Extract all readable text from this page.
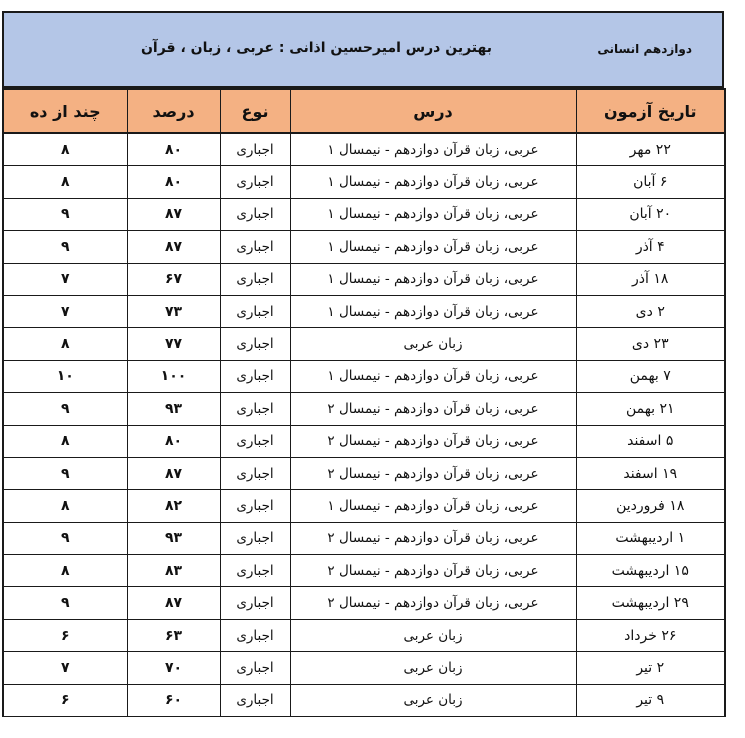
دوازدهم انسانی
بهترین درس امیرحسین اذانی : عربی ، زبان ، قرآن
تاریخ آزمون	درس	نوع	درصد	چند از ده
۲۲ مهر	عربی، زبان قرآن دوازدهم - نیمسال ۱	اجباری	۸۰	۸
۶ آبان	عربی، زبان قرآن دوازدهم - نیمسال ۱	اجباری	۸۰	۸
۲۰ آبان	عربی، زبان قرآن دوازدهم - نیمسال ۱	اجباری	۸۷	۹
۴ آذر	عربی، زبان قرآن دوازدهم - نیمسال ۱	اجباری	۸۷	۹
۱۸ آذر	عربی، زبان قرآن دوازدهم - نیمسال ۱	اجباری	۶۷	۷
۲ دی	عربی، زبان قرآن دوازدهم - نیمسال ۱	اجباری	۷۳	۷
۲۳ دی	زبان عربی	اجباری	۷۷	۸
۷ بهمن	عربی، زبان قرآن دوازدهم - نیمسال ۱	اجباری	۱۰۰	۱۰
۲۱ بهمن	عربی، زبان قرآن دوازدهم - نیمسال ۲	اجباری	۹۳	۹
۵ اسفند	عربی، زبان قرآن دوازدهم - نیمسال ۲	اجباری	۸۰	۸
۱۹ اسفند	عربی، زبان قرآن دوازدهم - نیمسال ۲	اجباری	۸۷	۹
۱۸ فروردین	عربی، زبان قرآن دوازدهم - نیمسال ۱	اجباری	۸۲	۸
۱ اردیبهشت	عربی، زبان قرآن دوازدهم - نیمسال ۲	اجباری	۹۳	۹
۱۵ اردیبهشت	عربی، زبان قرآن دوازدهم - نیمسال ۲	اجباری	۸۳	۸
۲۹ اردیبهشت	عربی، زبان قرآن دوازدهم - نیمسال ۲	اجباری	۸۷	۹
۲۶ خرداد	زبان عربی	اجباری	۶۳	۶
۲ تیر	زبان عربی	اجباری	۷۰	۷
۹ تیر	زبان عربی	اجباری	۶۰	۶
